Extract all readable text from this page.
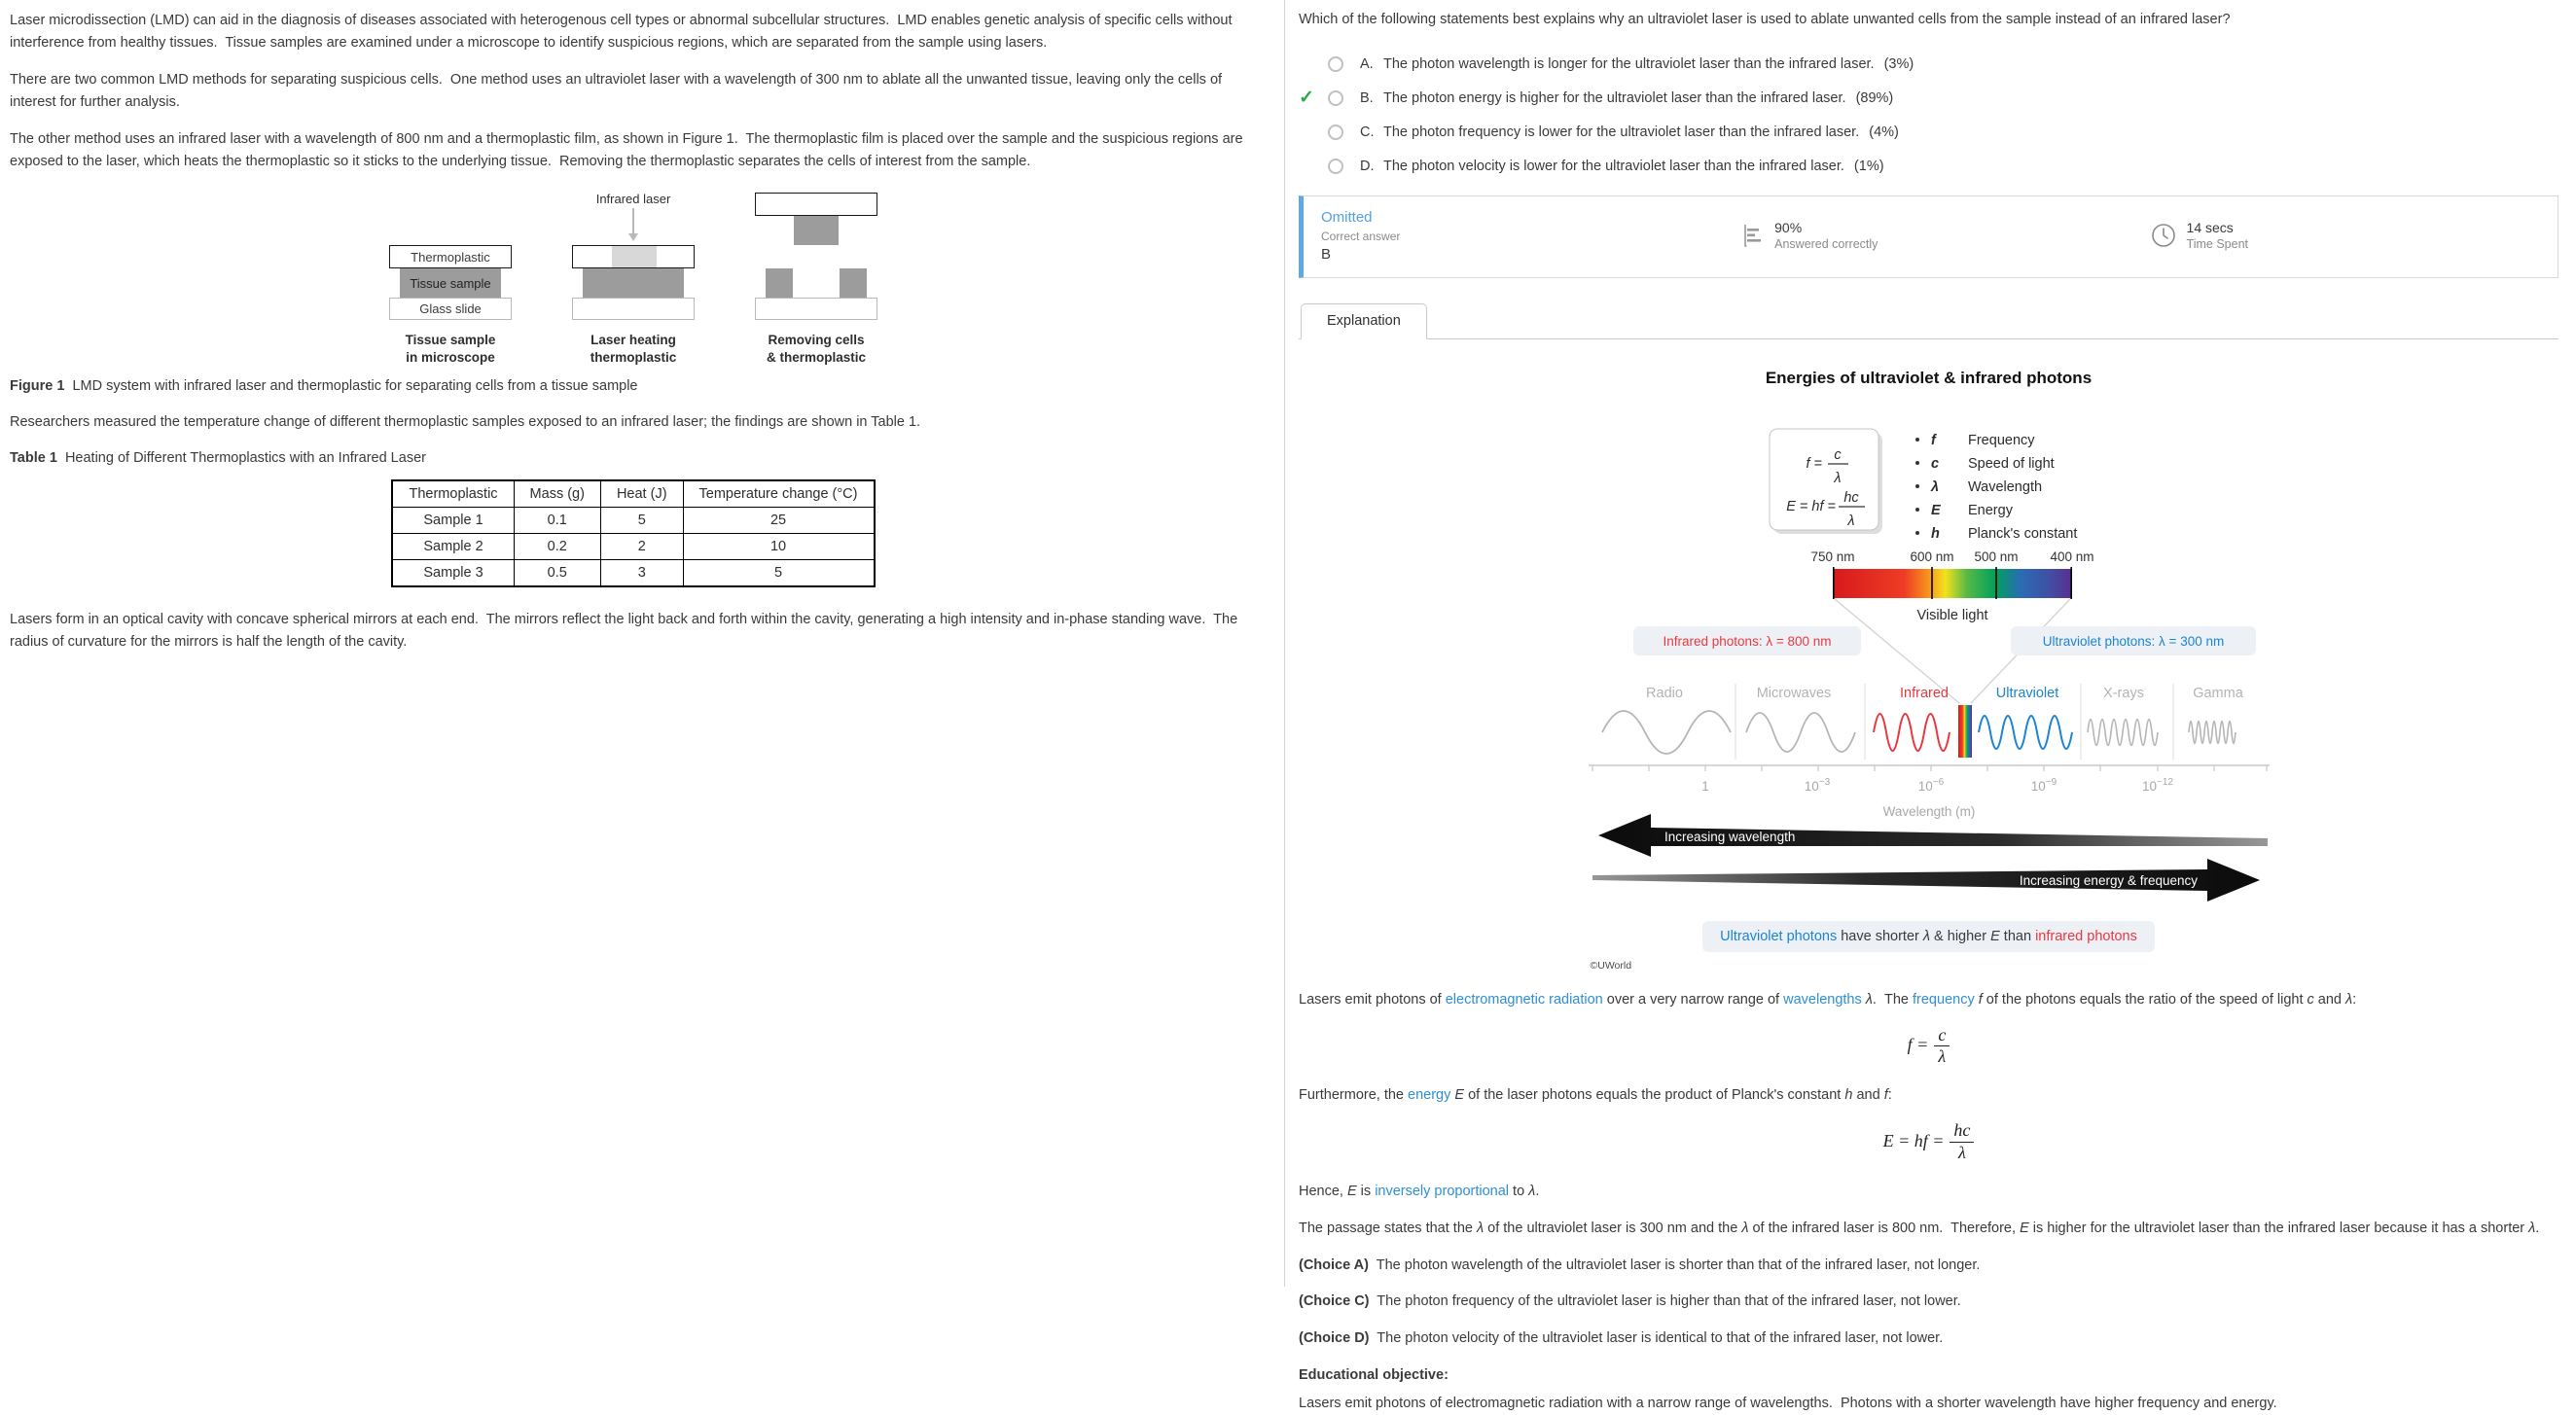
Laser microdissection (LMD) can aid in the diagnosis of diseases associated with heterogenous cell types or abnormal subcellular structures.  LMD enables genetic analysis of specific cells without interference from healthy tissues.  Tissue samples are examined under a microscope to identify suspicious regions, which are separated from the sample using lasers.

There are two common LMD methods for separating suspicious cells.  One method uses an ultraviolet laser with a wavelength of 300 nm to ablate all the unwanted tissue, leaving only the cells of interest for further analysis.

The other method uses an infrared laser with a wavelength of 800 nm and a thermoplastic film, as shown in Figure 1.  The thermoplastic film is placed over the sample and the suspicious regions are exposed to the laser, which heats the thermoplastic so it sticks to the underlying tissue.  Removing the thermoplastic separates the cells of interest from the sample.

Thermoplastic
Tissue sample
Glass slide
Tissue sample
in microscope
Infrared laser
Laser heating
thermoplastic
Removing cells
& thermoplastic

Figure 1  LMD system with infrared laser and thermoplastic for separating cells from a tissue sample

Researchers measured the temperature change of different thermoplastic samples exposed to an infrared laser; the findings are shown in Table 1.

Table 1  Heating of Different Thermoplastics with an Infrared Laser

Thermoplastic	Mass (g)	Heat (J)	Temperature change (°C)
Sample 1	0.1	5	25
Sample 2	0.2	2	10
Sample 3	0.5	3	5

Lasers form in an optical cavity with concave spherical mirrors at each end.  The mirrors reflect the light back and forth within the cavity, generating a high intensity and in-phase standing wave.  The radius of curvature for the mirrors is half the length of the cavity.

Which of the following statements best explains why an ultraviolet laser is used to ablate unwanted cells from the sample instead of an infrared laser?

A. The photon wavelength is longer for the ultraviolet laser than the infrared laser. (3%)
✓	B. The photon energy is higher for the ultraviolet laser than the infrared laser. (89%)
C. The photon frequency is lower for the ultraviolet laser than the infrared laser. (4%)
D. The photon velocity is lower for the ultraviolet laser than the infrared laser. (1%)
Omitted
Correct answer
B
90%
Answered correctly
14 secs
Time Spent
Explanation
Energies of ultraviolet & infrared photons
f =
c
λ
E = hf =
hc
λ
f Frequency
c Speed of light
λ Wavelength
E Energy
h Planck's constant
750 nm	600 nm 500 nm 400 nm
Visible light
Infrared photons: λ = 800 nm	Ultraviolet photons: λ = 300 nm
Radio	Microwaves	Infrared	Ultraviolet	X-rays	Gamma
1	$10^{-3}$	$10^{-6}$	$10^{-9}$	$10^{-12}$
Wavelength (m)
Increasing wavelength
Increasing energy & frequency
Ultraviolet photons have shorter λ & higher E than infrared photons
©UWorld

Lasers emit photons of electromagnetic radiation over a very narrow range of wavelengths λ.  The frequency f of the photons equals the ratio of the speed of light c and λ:

$f = \frac{c}{\lambda}$

Furthermore, the energy E of the laser photons equals the product of Planck's constant h and f:

E = hf = $\frac{hc}{\lambda}$

Hence, E is inversely proportional to λ.

The passage states that the λ of the ultraviolet laser is 300 nm and the λ of the infrared laser is 800 nm.  Therefore, E is higher for the ultraviolet laser than the infrared laser because it has a shorter λ.

(Choice A)  The photon wavelength of the ultraviolet laser is shorter than that of the infrared laser, not longer.

(Choice C)  The photon frequency of the ultraviolet laser is higher than that of the infrared laser, not lower.

(Choice D)  The photon velocity of the ultraviolet laser is identical to that of the infrared laser, not lower.

Educational objective:

Lasers emit photons of electromagnetic radiation with a narrow range of wavelengths.  Photons with a shorter wavelength have higher frequency and energy.
